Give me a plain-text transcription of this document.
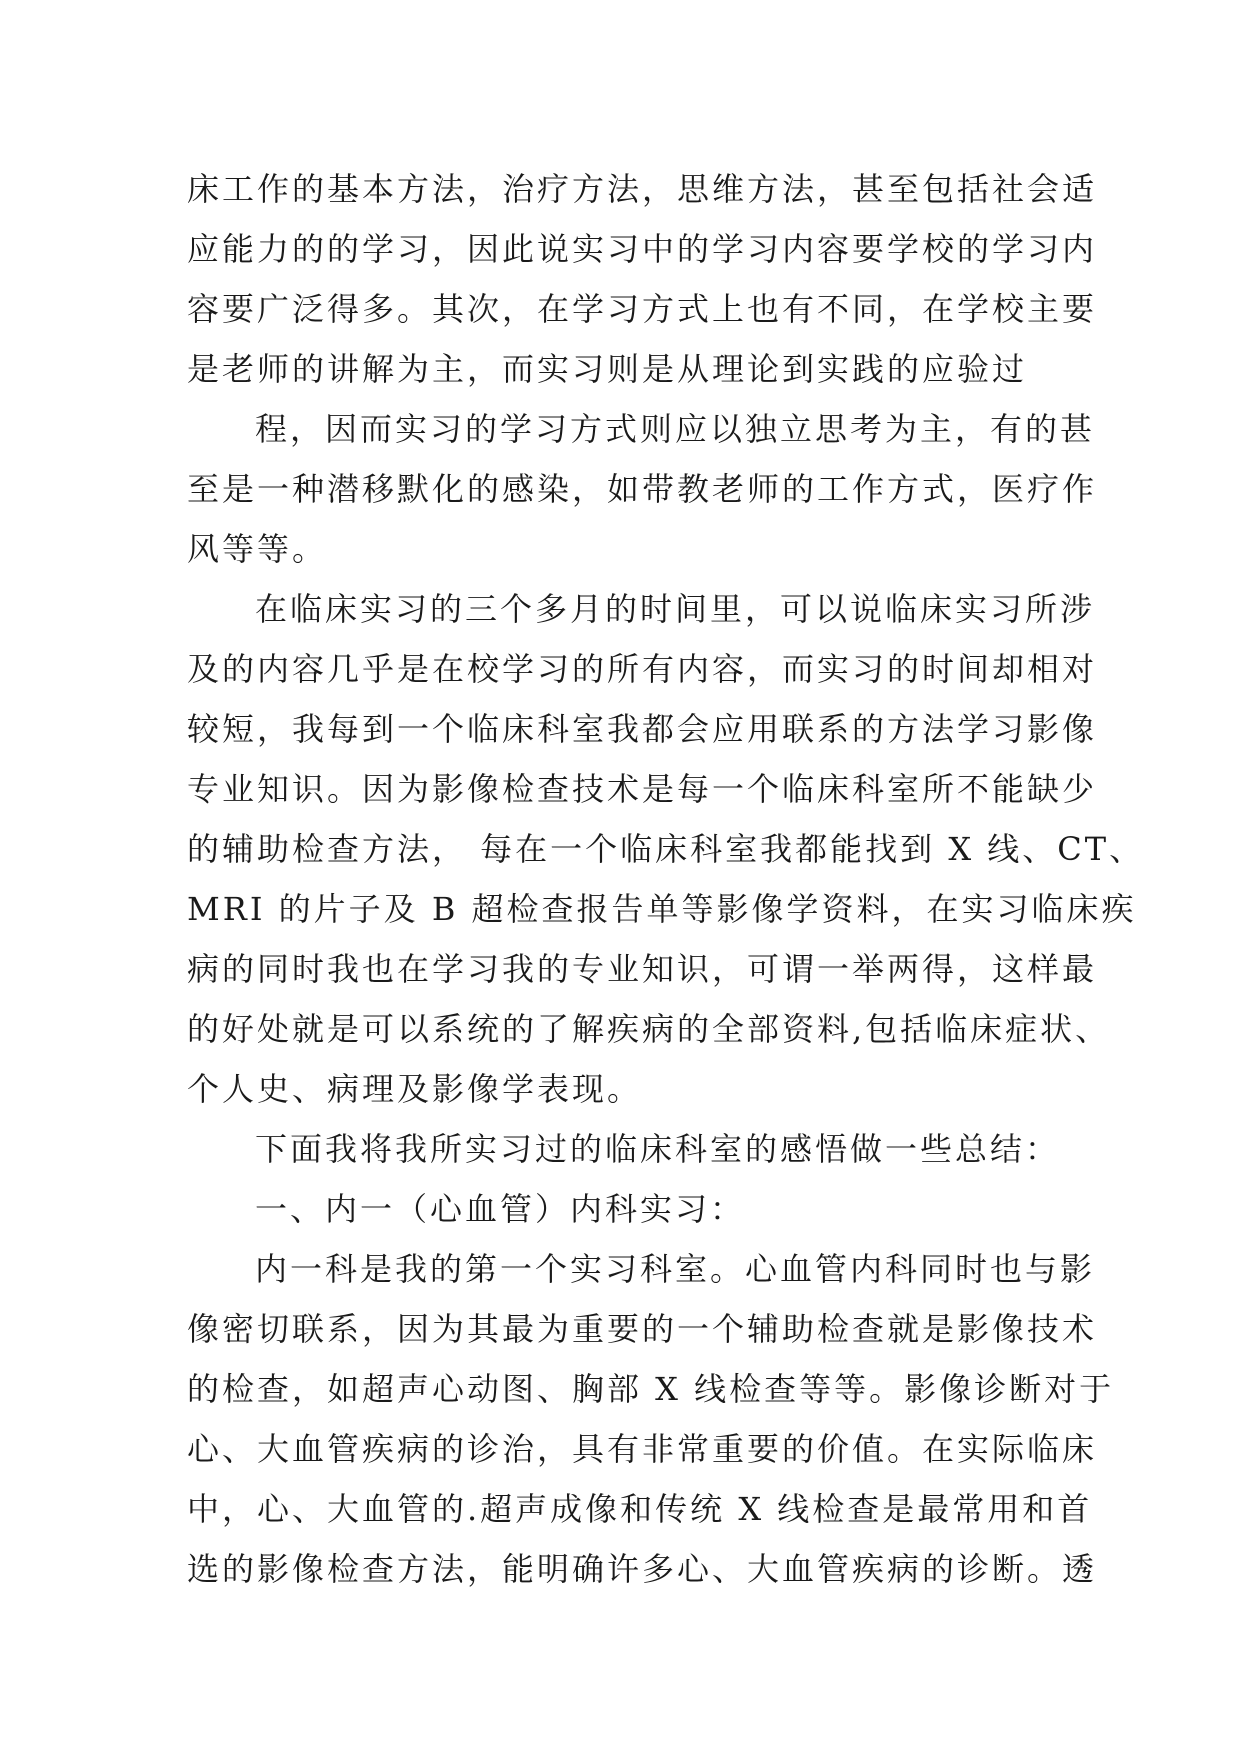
床工作的基本方法，治疗方法，思维方法，甚至包括社会适
应能力的的学习，因此说实习中的学习内容要学校的学习内
容要广泛得多。其次，在学习方式上也有不同，在学校主要
是老师的讲解为主，而实习则是从理论到实践的应验过
程，因而实习的学习方式则应以独立思考为主，有的甚
至是一种潜移默化的感染，如带教老师的工作方式，医疗作
风等等。
在临床实习的三个多月的时间里，可以说临床实习所涉
及的内容几乎是在校学习的所有内容，而实习的时间却相对
较短，我每到一个临床科室我都会应用联系的方法学习影像
专业知识。因为影像检查技术是每一个临床科室所不能缺少
的辅助检查方法， 每在一个临床科室我都能找到 X 线、CT、
MRI 的片子及 B 超检查报告单等影像学资料，在实习临床疾
病的同时我也在学习我的专业知识，可谓一举两得，这样最
的好处就是可以系统的了解疾病的全部资料,包括临床症状、
个人史、病理及影像学表现。
下面我将我所实习过的临床科室的感悟做一些总结：
一、内一（心血管）内科实习：
内一科是我的第一个实习科室。心血管内科同时也与影
像密切联系，因为其最为重要的一个辅助检查就是影像技术
的检查，如超声心动图、胸部 X 线检查等等。影像诊断对于
心、大血管疾病的诊治，具有非常重要的价值。在实际临床
中，心、大血管的.超声成像和传统 X 线检查是最常用和首
选的影像检查方法，能明确许多心、大血管疾病的诊断。透
